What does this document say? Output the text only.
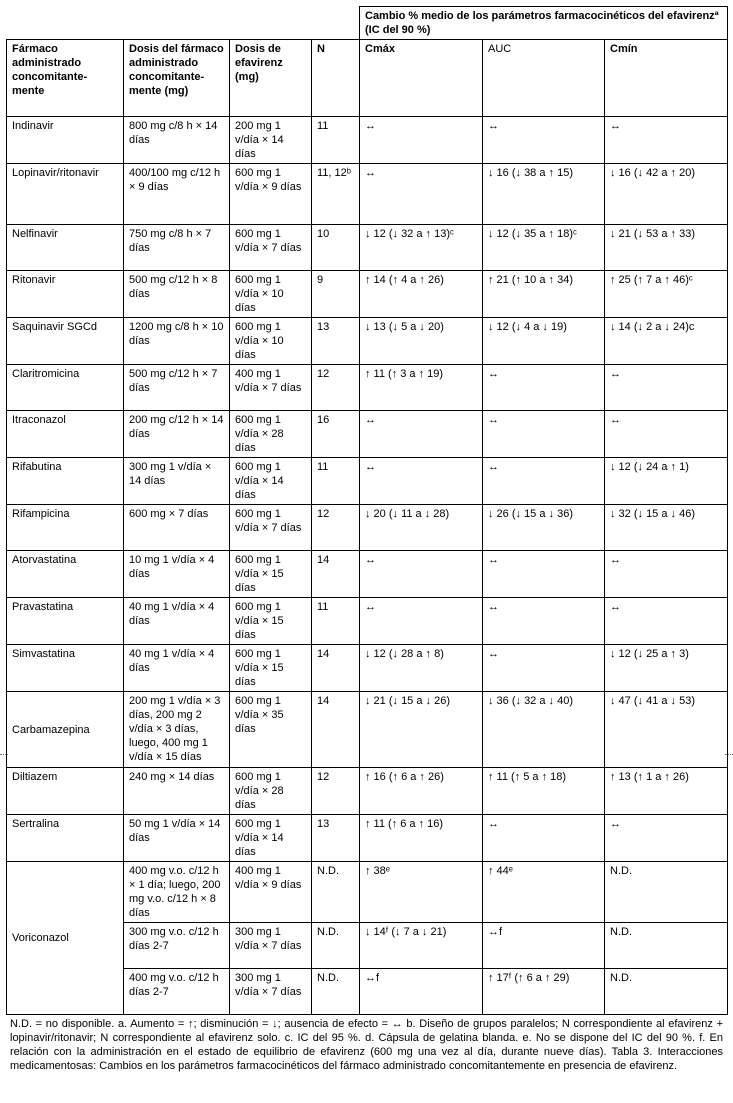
				Cambio % medio de los parámetros farmacocinéticos del efavirenzª (IC del 90 %)		
Fármaco administrado concomitante-mente	Dosis del fármaco administrado concomitante-mente (mg)	Dosis de efavirenz (mg)	N	Cmáx	AUC	Cmín
Indinavir	800 mg c/8 h × 14 días	200 mg 1 v/día × 14 días	11	↔	↔	↔
Lopinavir/ritonavir	400/100 mg c/12 h × 9 días	600 mg 1 v/día × 9 días	11, 12ᵇ	↔	↓ 16 (↓ 38 a ↑ 15)	↓ 16 (↓ 42 a ↑ 20)
Nelfinavir	750 mg c/8 h × 7 días	600 mg 1 v/día × 7 días	10	↓ 12 (↓ 32 a ↑ 13)ᶜ	↓ 12 (↓ 35 a ↑ 18)ᶜ	↓ 21 (↓ 53 a ↑ 33)
Ritonavir	500 mg c/12 h × 8 días	600 mg 1 v/día × 10 días	9	↑ 14 (↑ 4 a ↑ 26)	↑ 21 (↑ 10 a ↑ 34)	↑ 25 (↑ 7 a ↑ 46)ᶜ
Saquinavir SGCd	1200 mg c/8 h × 10 días	600 mg 1 v/día × 10 días	13	↓ 13 (↓ 5 a ↓ 20)	↓ 12 (↓ 4 a ↓ 19)	↓ 14 (↓ 2 a ↓ 24)c
Claritromicina	500 mg c/12 h × 7 días	400 mg 1 v/día × 7 días	12	↑ 11 (↑ 3 a ↑ 19)	↔	↔
Itraconazol	200 mg c/12 h × 14 días	600 mg 1 v/día × 28 días	16	↔	↔	↔
Rifabutina	300 mg 1 v/día × 14 días	600 mg 1 v/día × 14 días	11	↔	↔	↓ 12 (↓ 24 a ↑ 1)
Rifampicina	600 mg × 7 días	600 mg 1 v/día × 7 días	12	↓ 20 (↓ 11 a ↓ 28)	↓ 26 (↓ 15 a ↓ 36)	↓ 32 (↓ 15 a ↓ 46)
Atorvastatina	10 mg 1 v/día × 4 días	600 mg 1 v/día × 15 días	14	↔	↔	↔
Pravastatina	40 mg 1 v/día × 4 días	600 mg 1 v/día × 15 días	11	↔	↔	↔
Simvastatina	40 mg 1 v/día × 4 días	600 mg 1 v/día × 15 días	14	↓ 12 (↓ 28 a ↑ 8)	↔	↓ 12 (↓ 25 a ↑ 3)
Carbamazepina	200 mg 1 v/día × 3 días, 200 mg 2 v/día × 3 días, luego, 400 mg 1 v/día × 15 días	600 mg 1 v/día × 35 días	14	↓ 21 (↓ 15 a ↓ 26)	↓ 36 (↓ 32 a ↓ 40)	↓ 47 (↓ 41 a ↓ 53)
Diltiazem	240 mg × 14 días	600 mg 1 v/día × 28 días	12	↑ 16 (↑ 6 a ↑ 26)	↑ 11 (↑ 5 a ↑ 18)	↑ 13 (↑ 1 a ↑ 26)
Sertralina	50 mg 1 v/día × 14 días	600 mg 1 v/día × 14 días	13	↑ 11 (↑ 6 a ↑ 16)	↔	↔
Voriconazol	400 mg v.o. c/12 h × 1 día; luego, 200 mg v.o. c/12 h × 8 días	400 mg 1 v/día × 9 días	N.D.	↑ 38ᵉ	↑ 44ᵉ	N.D.
	300 mg v.o. c/12 h días 2-7	300 mg 1 v/día × 7 días	N.D.	↓ 14ᶠ (↓ 7 a ↓ 21)	↔f	N.D.
	400 mg v.o. c/12 h días 2-7	300 mg 1 v/día × 7 días	N.D.	↔f	↑ 17ᶠ (↑ 6 a ↑ 29)	N.D.
N.D. = no disponible. a. Aumento = ↑; disminución = ↓; ausencia de efecto = ↔ b. Diseño de grupos paralelos; N correspondiente al efavirenz + lopinavir/ritonavir; N correspondiente al efavirenz solo. c. IC del 95 %. d. Cápsula de gelatina blanda. e. No se dispone del IC del 90 %. f. En relación con la administración en el estado de equilibrio de efavirenz (600 mg una vez al día, durante nueve días). Tabla 3. Interacciones medicamentosas: Cambios en los parámetros farmacocinéticos del fármaco administrado concomitantemente en presencia de efavirenz.
